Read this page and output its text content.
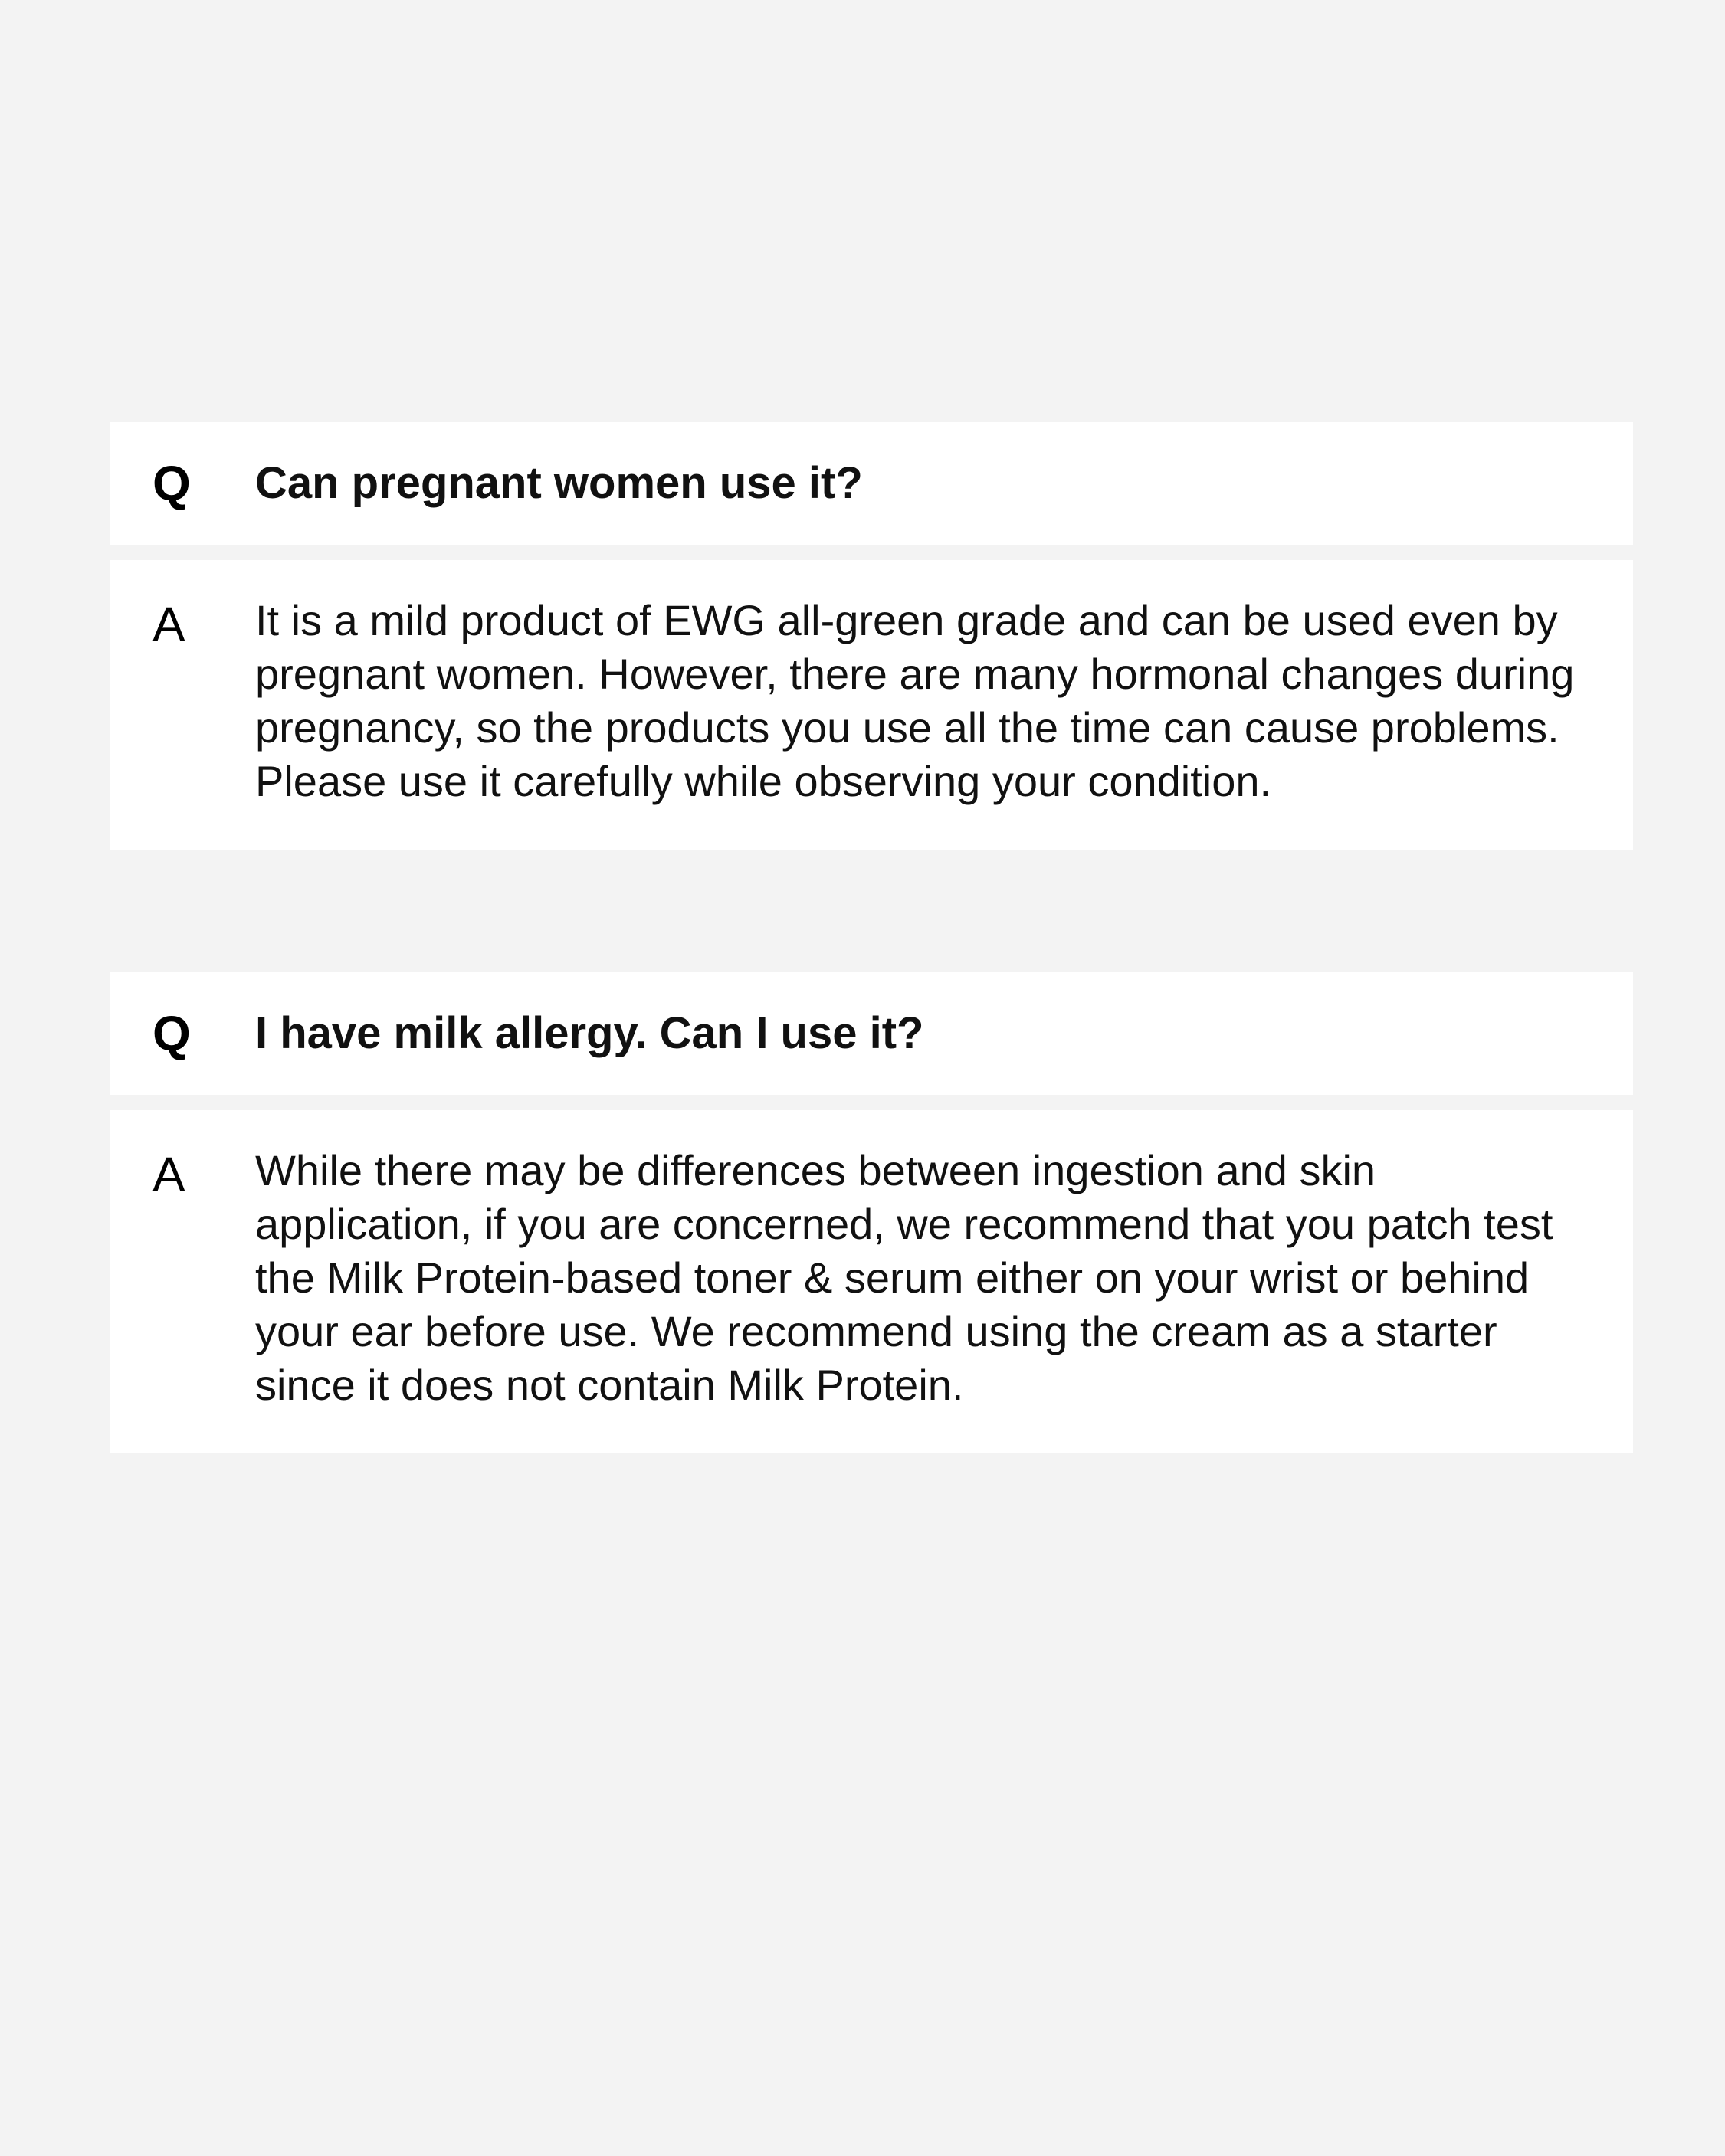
Q	Can pregnant women use it?
A	It is a mild product of EWG all-green grade and can be used even by pregnant women. However, there are many hormonal changes during pregnancy, so the products you use all the time can cause problems. Please use it carefully while observing your condition.
Q	I have milk allergy. Can I use it?
A	While there may be differences between ingestion and skin application, if you are concerned, we recommend that you patch test the Milk Protein-based toner & serum either on your wrist or behind your ear before use. We recommend using the cream as a starter since it does not contain Milk Protein.
